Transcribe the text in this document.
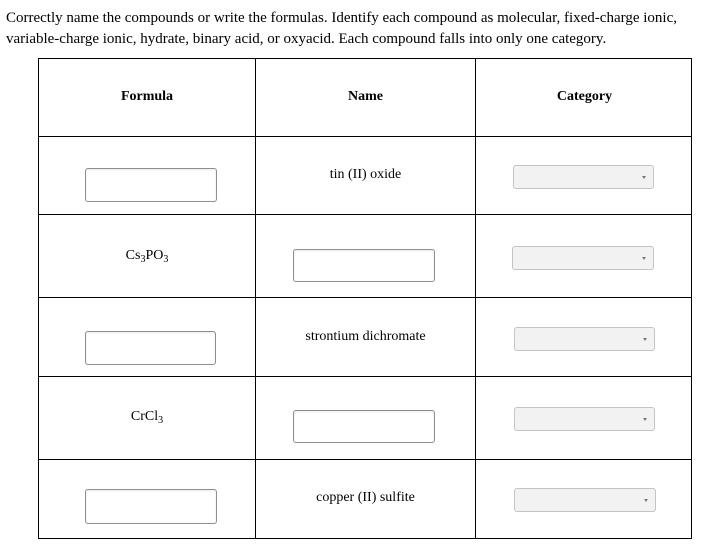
Correctly name the compounds or write the formulas. Identify each compound as molecular, fixed-charge ionic, variable-charge ionic, hydrate, binary acid, or oxyacid. Each compound falls into only one category.

Formula	Name	Category
tin (II) oxide
$Cs_3PO_3$
strontium dichromate
CrCl$_3$
copper (II) sulfite
